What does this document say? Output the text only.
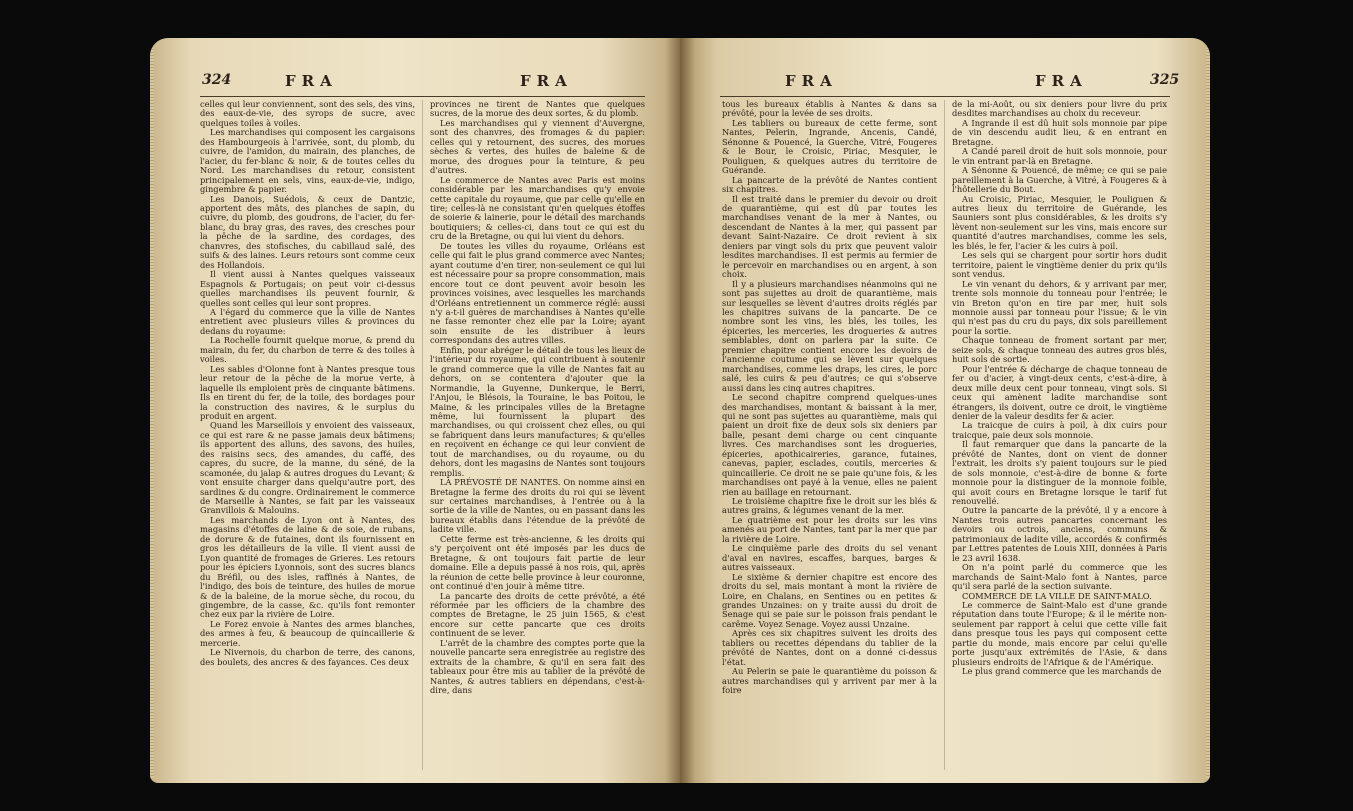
324	FRA	FRA

celles qui leur conviennent, sont des sels, des vins, des eaux-de-vie, des syrops de sucre, avec quelques toiles à voiles.

Les marchandises qui composent les cargaisons des Hambourgeois à l'arrivée, sont, du plomb, du cuivre, de l'amidon, du mairain, des planches, de l'acier, du fer-blanc & noir, & de toutes celles du Nord. Les marchandises du retour, consistent principalement en sels, vins, eaux-de-vie, indigo, gingembre & papier.

Les Danois, Suédois, & ceux de Dantzic, apportent des mâts, des planches de sapin, du cuivre, du plomb, des goudrons, de l'acier, du fer-blanc, du bray gras, des raves, des cresches pour la pêche de la sardine, des cordages, des chanvres, des stofisches, du cabillaud salé, des suifs & des laines. Leurs retours sont comme ceux des Hollandois.

Il vient aussi à Nantes quelques vaisseaux Espagnols & Portugais; on peut voir ci-dessus quelles marchandises ils peuvent fournir, & quelles sont celles qui leur sont propres.

A l'égard du commerce que la ville de Nantes entretient avec plusieurs villes & provinces du dedans du royaume:

La Rochelle fournit quelque morue, & prend du mairain, du fer, du charbon de terre & des toiles à voiles.

Les sables d'Olonne font à Nantes presque tous leur retour de la pêche de la morue verte, à laquelle ils emploient près de cinquante bâtimens. Ils en tirent du fer, de la toile, des bordages pour la construction des navires, & le surplus du produit en argent.

Quand les Marseillois y envoient des vaisseaux, ce qui est rare & ne passe jamais deux bâtimens; ils apportent des alluns, des savons, des huiles, des raisins secs, des amandes, du caffé, des capres, du sucre, de la manne, du séné, de la scamonée, du jalap & autres drogues du Levant; & vont ensuite charger dans quelqu'autre port, des sardines & du congre. Ordinairement le commerce de Marseille à Nantes, se fait par les vaisseaux Granvillois & Malouins.

Les marchands de Lyon ont à Nantes, des magasins d'étoffes de laine & de soie, de rubans, de dorure & de futaines, dont ils fournissent en gros les détailleurs de la ville. Il vient aussi de Lyon quantité de fromages de Grieres. Les retours pour les épiciers Lyonnois, sont des sucres blancs du Bréfil, ou des isles, raffinés à Nantes, de l'indigo, des bois de teinture, des huiles de morue & de la baleine, de la morue sèche, du rocou, du gingembre, de la casse, &c. qu'ils font remonter chez eux par la rivière de Loire.

Le Forez envoie à Nantes des armes blanches, des armes à feu, & beaucoup de quincaillerie & mercerie.

Le Nivernois, du charbon de terre, des canons, des boulets, des ancres & des fayances. Ces deux

provinces ne tirent de Nantes que quelques sucres, de la morue des deux sortes, & du plomb.

Les marchandises qui y viennent d'Auvergne, sont des chanvres, des fromages & du papier: celles qui y retournent, des sucres, des morues sèches & vertes, des huiles de baleine & de morue, des drogues pour la teinture, & peu d'autres.

Le commerce de Nantes avec Paris est moins considérable par les marchandises qu'y envoie cette capitale du royaume, que par celle qu'elle en tire; celles-là ne consistant qu'en quelques étoffes de soierie & lainerie, pour le détail des marchands boutiquiers; & celles-ci, dans tout ce qui est du cru de la Bretagne, ou qui lui vient du dehors.

De toutes les villes du royaume, Orléans est celle qui fait le plus grand commerce avec Nantes; ayant coutume d'en tirer, non-seulement ce qui lui est nécessaire pour sa propre consommation, mais encore tout ce dont peuvent avoir besoin les provinces voisines, avec lesquelles les marchands d'Orléans entretiennent un commerce réglé: aussi n'y a-t-il guères de marchandises à Nantes qu'elle ne fasse remonter chez elle par la Loire; ayant soin ensuite de les distribuer à leurs correspondans des autres villes.

Enfin, pour abréger le détail de tous les lieux de l'intérieur du royaume, qui contribuent à soutenir le grand commerce que la ville de Nantes fait au dehors, on se contentera d'ajouter que la Normandie, la Guyenne, Dunkerque, le Berri, l'Anjou, le Blésois, la Touraine, le bas Poitou, le Maine, & les principales villes de la Bretagne même, lui fournissent la plupart des marchandises, ou qui croissent chez elles, ou qui se fabriquent dans leurs manufactures; & qu'elles en reçoivent en échange ce qui leur convient de tout de marchandises, ou du royaume, ou du dehors, dont les magasins de Nantes sont toujours remplis.

LA PRÉVOSTÉ DE NANTES. On nomme ainsi en Bretagne la ferme des droits du roi qui se lèvent sur certaines marchandises, à l'entrée ou à la sortie de la ville de Nantes, ou en passant dans les bureaux établis dans l'étendue de la prévôté de ladite ville.

Cette ferme est très-ancienne, & les droits qui s'y perçoivent ont été imposés par les ducs de Bretagne, & ont toujours fait partie de leur domaine. Elle a depuis passé à nos rois, qui, après la réunion de cette belle province à leur couronne, ont continué d'en jouir à même titre.

La pancarte des droits de cette prévôté, a été réformée par les officiers de la chambre des comptes de Bretagne, le 25 juin 1565, & c'est encore sur cette pancarte que ces droits continuent de se lever.

L'arrêt de la chambre des comptes porte que la nouvelle pancarte sera enregistrée au registre des extraits de la chambre, & qu'il en sera fait des tableaux pour être mis au tablier de la prévôté de Nantes, & autres tabliers en dépendans, c'est-à-dire, dans

FRA	FRA	325

tous les bureaux établis à Nantes & dans sa prévôté, pour la levée de ses droits.

Les tabliers ou bureaux de cette ferme, sont Nantes, Pelerin, Ingrande, Ancenis, Candé, Sénonne & Pouencé, la Guerche, Vitré, Fougeres & le Bour, le Croisic, Piriac, Mesquier, le Pouliguen, & quelques autres du territoire de Guérande.

La pancarte de la prévôté de Nantes contient six chapitres.

Il est traité dans le premier du devoir ou droit de quarantième, qui est dû par toutes les marchandises venant de la mer à Nantes, ou descendant de Nantes à la mer, qui passent par devant Saint-Nazaire. Ce droit revient à six deniers par vingt sols du prix que peuvent valoir lesdites marchandises. Il est permis au fermier de le percevoir en marchandises ou en argent, à son choix.

Il y a plusieurs marchandises néanmoins qui ne sont pas sujettes au droit de quarantième, mais sur lesquelles se lèvent d'autres droits réglés par les chapitres suivans de la pancarte. De ce nombre sont les vins, les blés, les toiles, les épiceries, les merceries, les drogueries & autres semblables, dont on parlera par la suite. Ce premier chapitre contient encore les devoirs de l'ancienne coutume qui se lèvent sur quelques marchandises, comme les draps, les cires, le porc salé, les cuirs & peu d'autres; ce qui s'observe aussi dans les cinq autres chapitres.

Le second chapitre comprend quelques-unes des marchandises, montant & baissant à la mer, qui ne sont pas sujettes au quarantième, mais qui paient un droit fixe de deux sols six deniers par balle, pesant demi charge ou cent cinquante livres. Ces marchandises sont les drogueries, épiceries, apothicaireries, garance, futaines, canevas, papier, esclades, coutils, merceries & quincaillerie. Ce droit ne se paie qu'une fois, & les marchandises ont payé à la venue, elles ne paient rien au baillage en retournant.

Le troisième chapitre fixe le droit sur les blés & autres grains, & légumes venant de la mer.

Le quatrième est pour les droits sur les vins amenés au port de Nantes, tant par la mer que par la rivière de Loire.

Le cinquième parle des droits du sel venant d'aval en navires, escaffes, barques, barges & autres vaisseaux.

Le sixième & dernier chapitre est encore des droits du sel, mais montant à mont la rivière de Loire, en Chalans, en Sentines ou en petites & grandes Unzaines: on y traite aussi du droit de Senage qui se paie sur le poisson frais pendant le carême. Voyez Senage. Voyez aussi Unzaine.

Après ces six chapitres suivent les droits des tabliers ou recettes dépendans du tablier de la prévôté de Nantes, dont on a donné ci-dessus l'état.

Au Pelerin se paie le quarantième du poisson & autres marchandises qui y arrivent par mer à la foire

de la mi-Août, ou six deniers pour livre du prix desdites marchandises au choix du receveur.

A Ingrande il est dû huit sols monnoie par pipe de vin descendu audit lieu, & en entrant en Bretagne.

A Candé pareil droit de huit sols monnoie, pour le vin entrant par-là en Bretagne.

A Sénonne & Pouencé, de même; ce qui se paie pareillement à la Guerche, à Vitré, à Fougeres & à l'hôtellerie du Bout.

Au Croisic, Piriac, Mesquier, le Pouliguen & autres lieux du territoire de Guérande, les Sauniers sont plus considérables, & les droits s'y lèvent non-seulement sur les vins, mais encore sur quantité d'autres marchandises, comme les sels, les blés, le fer, l'acier & les cuirs à poil.

Les sels qui se chargent pour sortir hors dudit territoire, paient le vingtième denier du prix qu'ils sont vendus.

Le vin venant du dehors, & y arrivant par mer, trente sols monnoie du tonneau pour l'entrée; le vin Breton qu'on en tire par mer, huit sols monnoie aussi par tonneau pour l'issue; & le vin qui n'est pas du cru du pays, dix sols pareillement pour la sortie.

Chaque tonneau de froment sortant par mer, seize sols, & chaque tonneau des autres gros blés, huit sols de sortie.

Pour l'entrée & décharge de chaque tonneau de fer ou d'acier, à vingt-deux cents, c'est-à-dire, à deux mille deux cent pour tonneau, vingt sols. Si ceux qui amènent ladite marchandise sont étrangers, ils doivent, outre ce droit, le vingtième denier de la valeur desdits fer & acier.

La traicque de cuirs à poil, à dix cuirs pour traicque, paie deux sols monnoie.

Il faut remarquer que dans la pancarte de la prévôté de Nantes, dont on vient de donner l'extrait, les droits s'y paient toujours sur le pied de sols monnoie, c'est-à-dire de bonne & forte monnoie pour la distinguer de la monnoie foible, qui avoit cours en Bretagne lorsque le tarif fut renouvellé.

Outre la pancarte de la prévôté, il y a encore à Nantes trois autres pancartes concernant les devoirs ou octrois, anciens, communs & patrimoniaux de ladite ville, accordés & confirmés par Lettres patentes de Louis XIII, données à Paris le 23 avril 1638.

On n'a point parlé du commerce que les marchands de Saint-Malo font à Nantes, parce qu'il sera parlé de la section suivante.

COMMERCE DE LA VILLE DE SAINT-MALO.

Le commerce de Saint-Malo est d'une grande réputation dans toute l'Europe; & il le mérite non-seulement par rapport à celui que cette ville fait dans presque tous les pays qui composent cette partie du monde, mais encore par celui qu'elle porte jusqu'aux extrémités de l'Asie, & dans plusieurs endroits de l'Afrique & de l'Amérique.

Le plus grand commerce que les marchands de
